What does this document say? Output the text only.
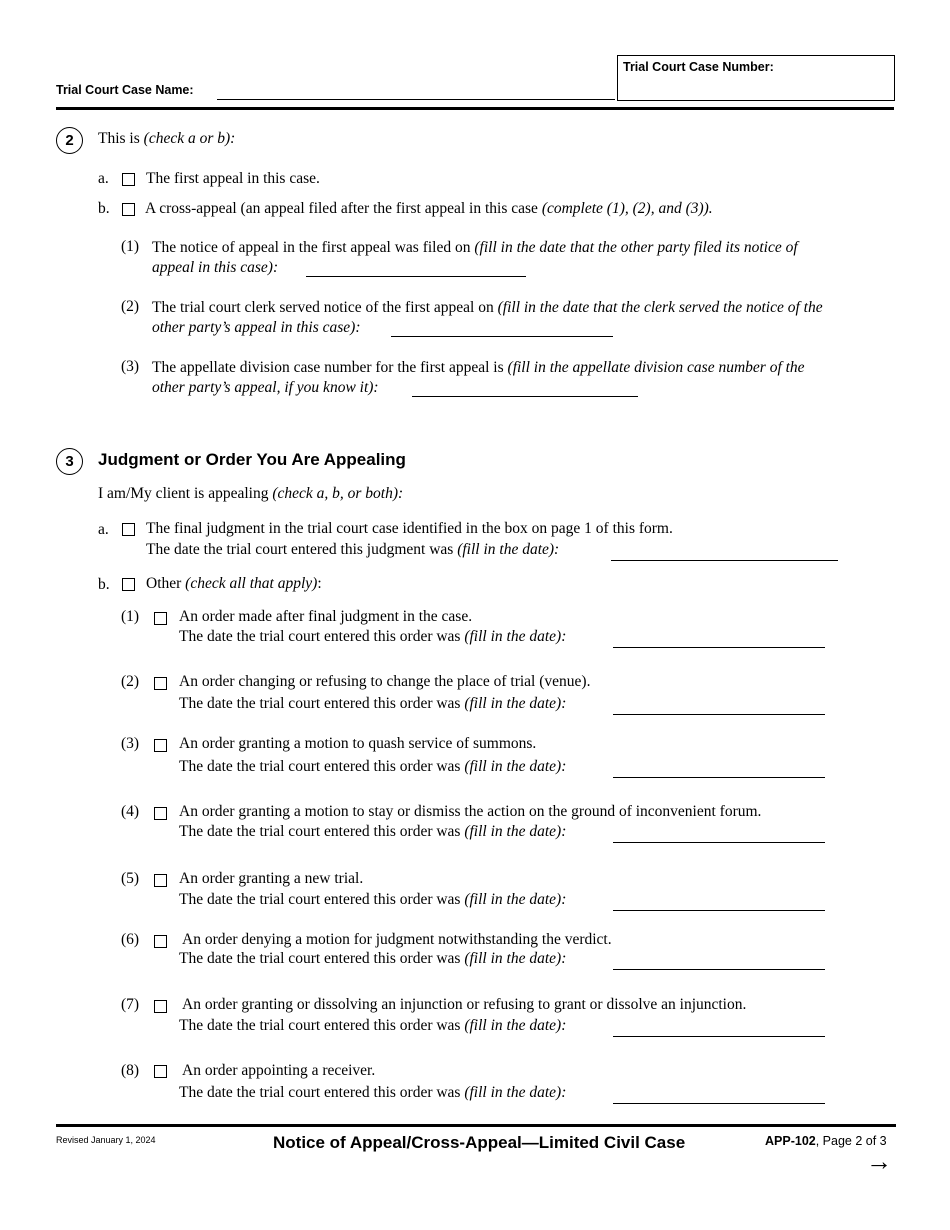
Trial Court Case Name:
Trial Court Case Number:
2	This is (check a or b):
a. The first appeal in this case.
b. A cross-appeal (an appeal filed after the first appeal in this case (complete (1), (2), and (3)).
(1) The notice of appeal in the first appeal was filed on (fill in the date that the other party filed its notice of
appeal in this case):
(2) The trial court clerk served notice of the first appeal on (fill in the date that the clerk served the notice of the
other party’s appeal in this case):
(3) The appellate division case number for the first appeal is (fill in the appellate division case number of the
other party’s appeal, if you know it):
3	Judgment or Order You Are Appealing
I am/My client is appealing (check a, b, or both):
a. The final judgment in the trial court case identified in the box on page 1 of this form.
The date the trial court entered this judgment was (fill in the date):
b. Other (check all that apply):
(1)	An order made after final judgment in the case.
The date the trial court entered this order was (fill in the date):
(2)	An order changing or refusing to change the place of trial (venue).
The date the trial court entered this order was (fill in the date):
(3)	An order granting a motion to quash service of summons.
The date the trial court entered this order was (fill in the date):
(4)	An order granting a motion to stay or dismiss the action on the ground of inconvenient forum.
The date the trial court entered this order was (fill in the date):
(5)	An order granting a new trial.
The date the trial court entered this order was (fill in the date):
(6)	An order denying a motion for judgment notwithstanding the verdict.
The date the trial court entered this order was (fill in the date):
(7)	An order granting or dissolving an injunction or refusing to grant or dissolve an injunction.
The date the trial court entered this order was (fill in the date):
(8)	An order appointing a receiver.
The date the trial court entered this order was (fill in the date):
Revised January 1, 2024	Notice of Appeal/Cross-Appeal—Limited Civil Case	APP-102, Page 2 of 3
→
